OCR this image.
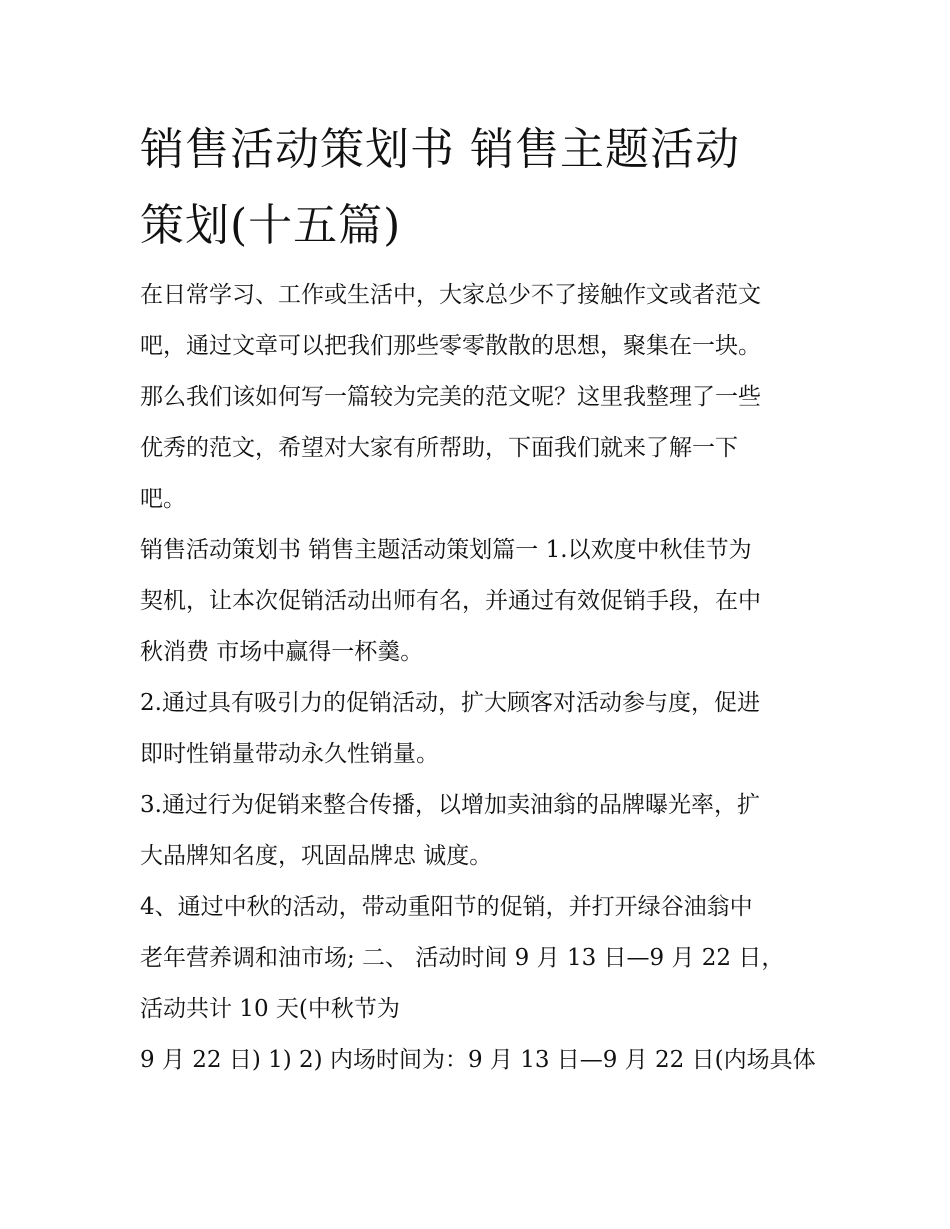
销售活动策划书 销售主题活动
策划(十五篇)

在日常学习、工作或生活中，大家总少不了接触作文或者范文

吧，通过文章可以把我们那些零零散散的思想，聚集在一块。

那么我们该如何写一篇较为完美的范文呢？这里我整理了一些

优秀的范文，希望对大家有所帮助，下面我们就来了解一下

吧。

销售活动策划书 销售主题活动策划篇一 1.以欢度中秋佳节为

契机，让本次促销活动出师有名，并通过有效促销手段，在中

秋消费 市场中赢得一杯羹。

2.通过具有吸引力的促销活动，扩大顾客对活动参与度，促进

即时性销量带动永久性销量。

3.通过行为促销来整合传播，以增加卖油翁的品牌曝光率，扩

大品牌知名度，巩固品牌忠 诚度。

4、通过中秋的活动，带动重阳节的促销，并打开绿谷油翁中

老年营养调和油市场; 二、 活动时间 9 月 13 日—9 月 22 日，

活动共计 10 天(中秋节为

9 月 22 日) 1) 2) 内场时间为：9 月 13 日—9 月 22 日(内场具体
